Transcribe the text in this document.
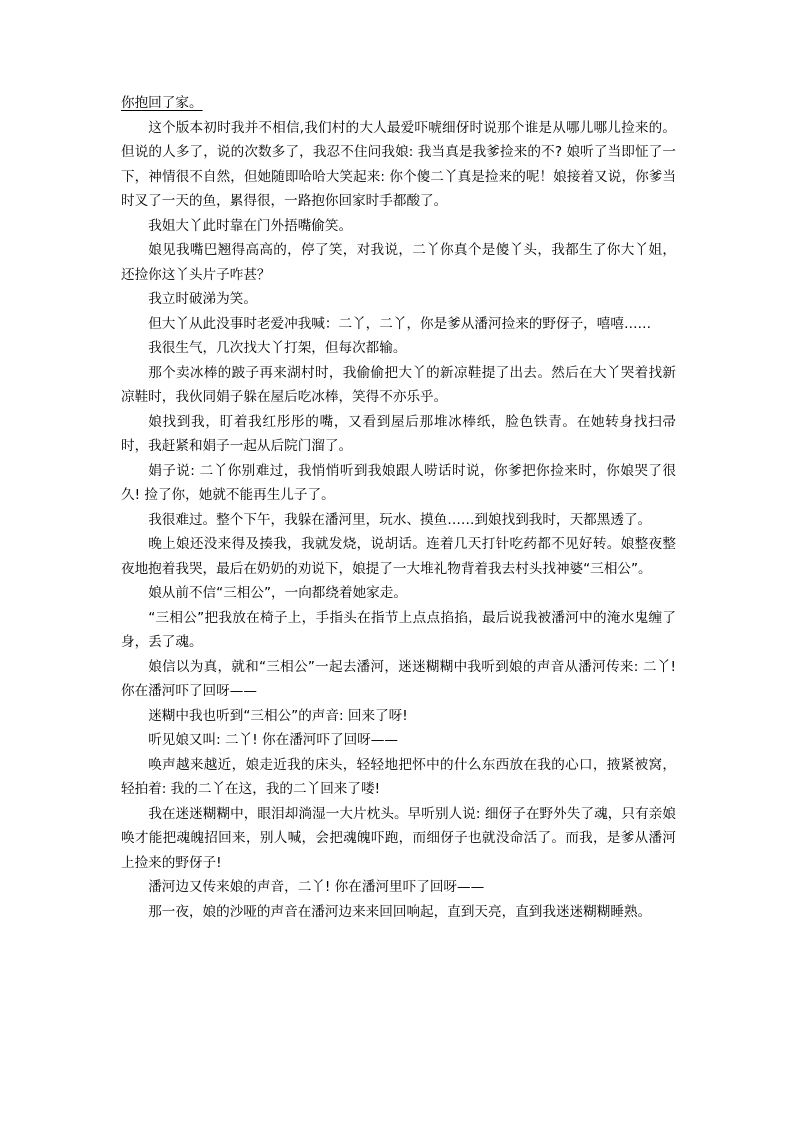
你抱回了家。

这个版本初时我并不相信,我们村的大人最爱吓唬细伢时说那个谁是从哪儿哪儿捡来的。但说的人多了，说的次数多了，我忍不住问我娘: 我当真是我爹捡来的不? 娘听了当即怔了一下，神情很不自然，但她随即哈哈大笑起来: 你个傻二丫真是捡来的呢！娘接着又说，你爹当时叉了一天的鱼，累得很，一路抱你回家时手都酸了。

我姐大丫此时靠在门外捂嘴偷笑。

娘见我嘴巴翘得高高的，停了笑，对我说，二丫你真个是傻丫头，我都生了你大丫姐，还捡你这丫头片子咋甚？

我立时破涕为笑。

但大丫从此没事时老爱冲我喊：二丫，二丫，你是爹从潘河捡来的野伢子，嘻嘻……

我很生气，几次找大丫打架，但每次都输。

那个卖冰棒的跛子再来湖村时，我偷偷把大丫的新凉鞋提了出去。然后在大丫哭着找新凉鞋时，我伙同娟子躲在屋后吃冰棒，笑得不亦乐乎。

娘找到我，盯着我红彤彤的嘴，又看到屋后那堆冰棒纸，脸色铁青。在她转身找扫帚时，我赶紧和娟子一起从后院门溜了。

娟子说: 二丫你别难过，我悄悄听到我娘跟人唠话时说，你爹把你捡来时，你娘哭了很久! 捡了你，她就不能再生儿子了。

我很难过。整个下午，我躲在潘河里，玩水、摸鱼……到娘找到我时，天都黑透了。

晚上娘还没来得及揍我，我就发烧，说胡话。连着几天打针吃药都不见好转。娘整夜整夜地抱着我哭，最后在奶奶的劝说下，娘提了一大堆礼物背着我去村头找神婆“三相公”。

娘从前不信“三相公”，一向都绕着她家走。

“三相公”把我放在椅子上，手指头在指节上点点掐掐，最后说我被潘河中的淹水鬼缠了身，丢了魂。

娘信以为真，就和“三相公”一起去潘河，迷迷糊糊中我听到娘的声音从潘河传来: 二丫! 你在潘河吓了回呀——

迷糊中我也听到“三相公”的声音: 回来了呀!

听见娘又叫: 二丫! 你在潘河吓了回呀——

唤声越来越近，娘走近我的床头，轻轻地把怀中的什么东西放在我的心口，掖紧被窝，轻拍着: 我的二丫在这，我的二丫回来了喽!

我在迷迷糊糊中，眼泪却淌湿一大片枕头。早听别人说: 细伢子在野外失了魂，只有亲娘唤才能把魂魄招回来，别人喊，会把魂魄吓跑，而细伢子也就没命活了。而我，是爹从潘河上捡来的野伢子!

潘河边又传来娘的声音，二丫! 你在潘河里吓了回呀——

那一夜，娘的沙哑的声音在潘河边来来回回响起，直到天亮，直到我迷迷糊糊睡熟。
